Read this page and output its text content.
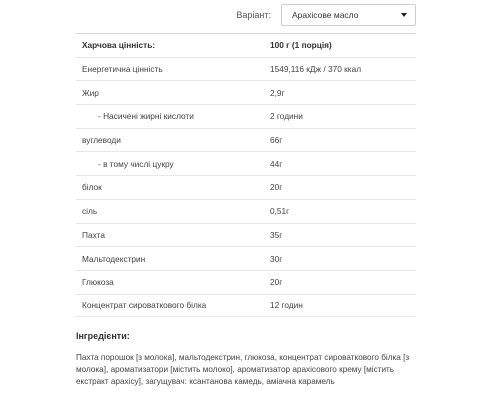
Варіант: Арахісове масло
Харчова цінність:	100 г (1 порція)
Енергетична цінність	1549,116 кДж / 370 ккал
Жир	2,9г
- Насичені жирні кислоти	2 години
вуглеводи	66г
- в тому числі цукру	44г
білок	20г
сіль	0,51г
Пахта	35г
Мальтодекстрин	30г
Глюкоза	20г
Концентрат сироваткового білка	12 годин
Інгредієнти:
Пахта порошок [з молока], мальтодекстрин, глюкоза, концентрат сироваткового білка [з молока], ароматизатори [містить молоко], ароматизатор арахісового крему [містить екстракт арахісу], загущувач: ксантанова камедь, аміачна карамель
